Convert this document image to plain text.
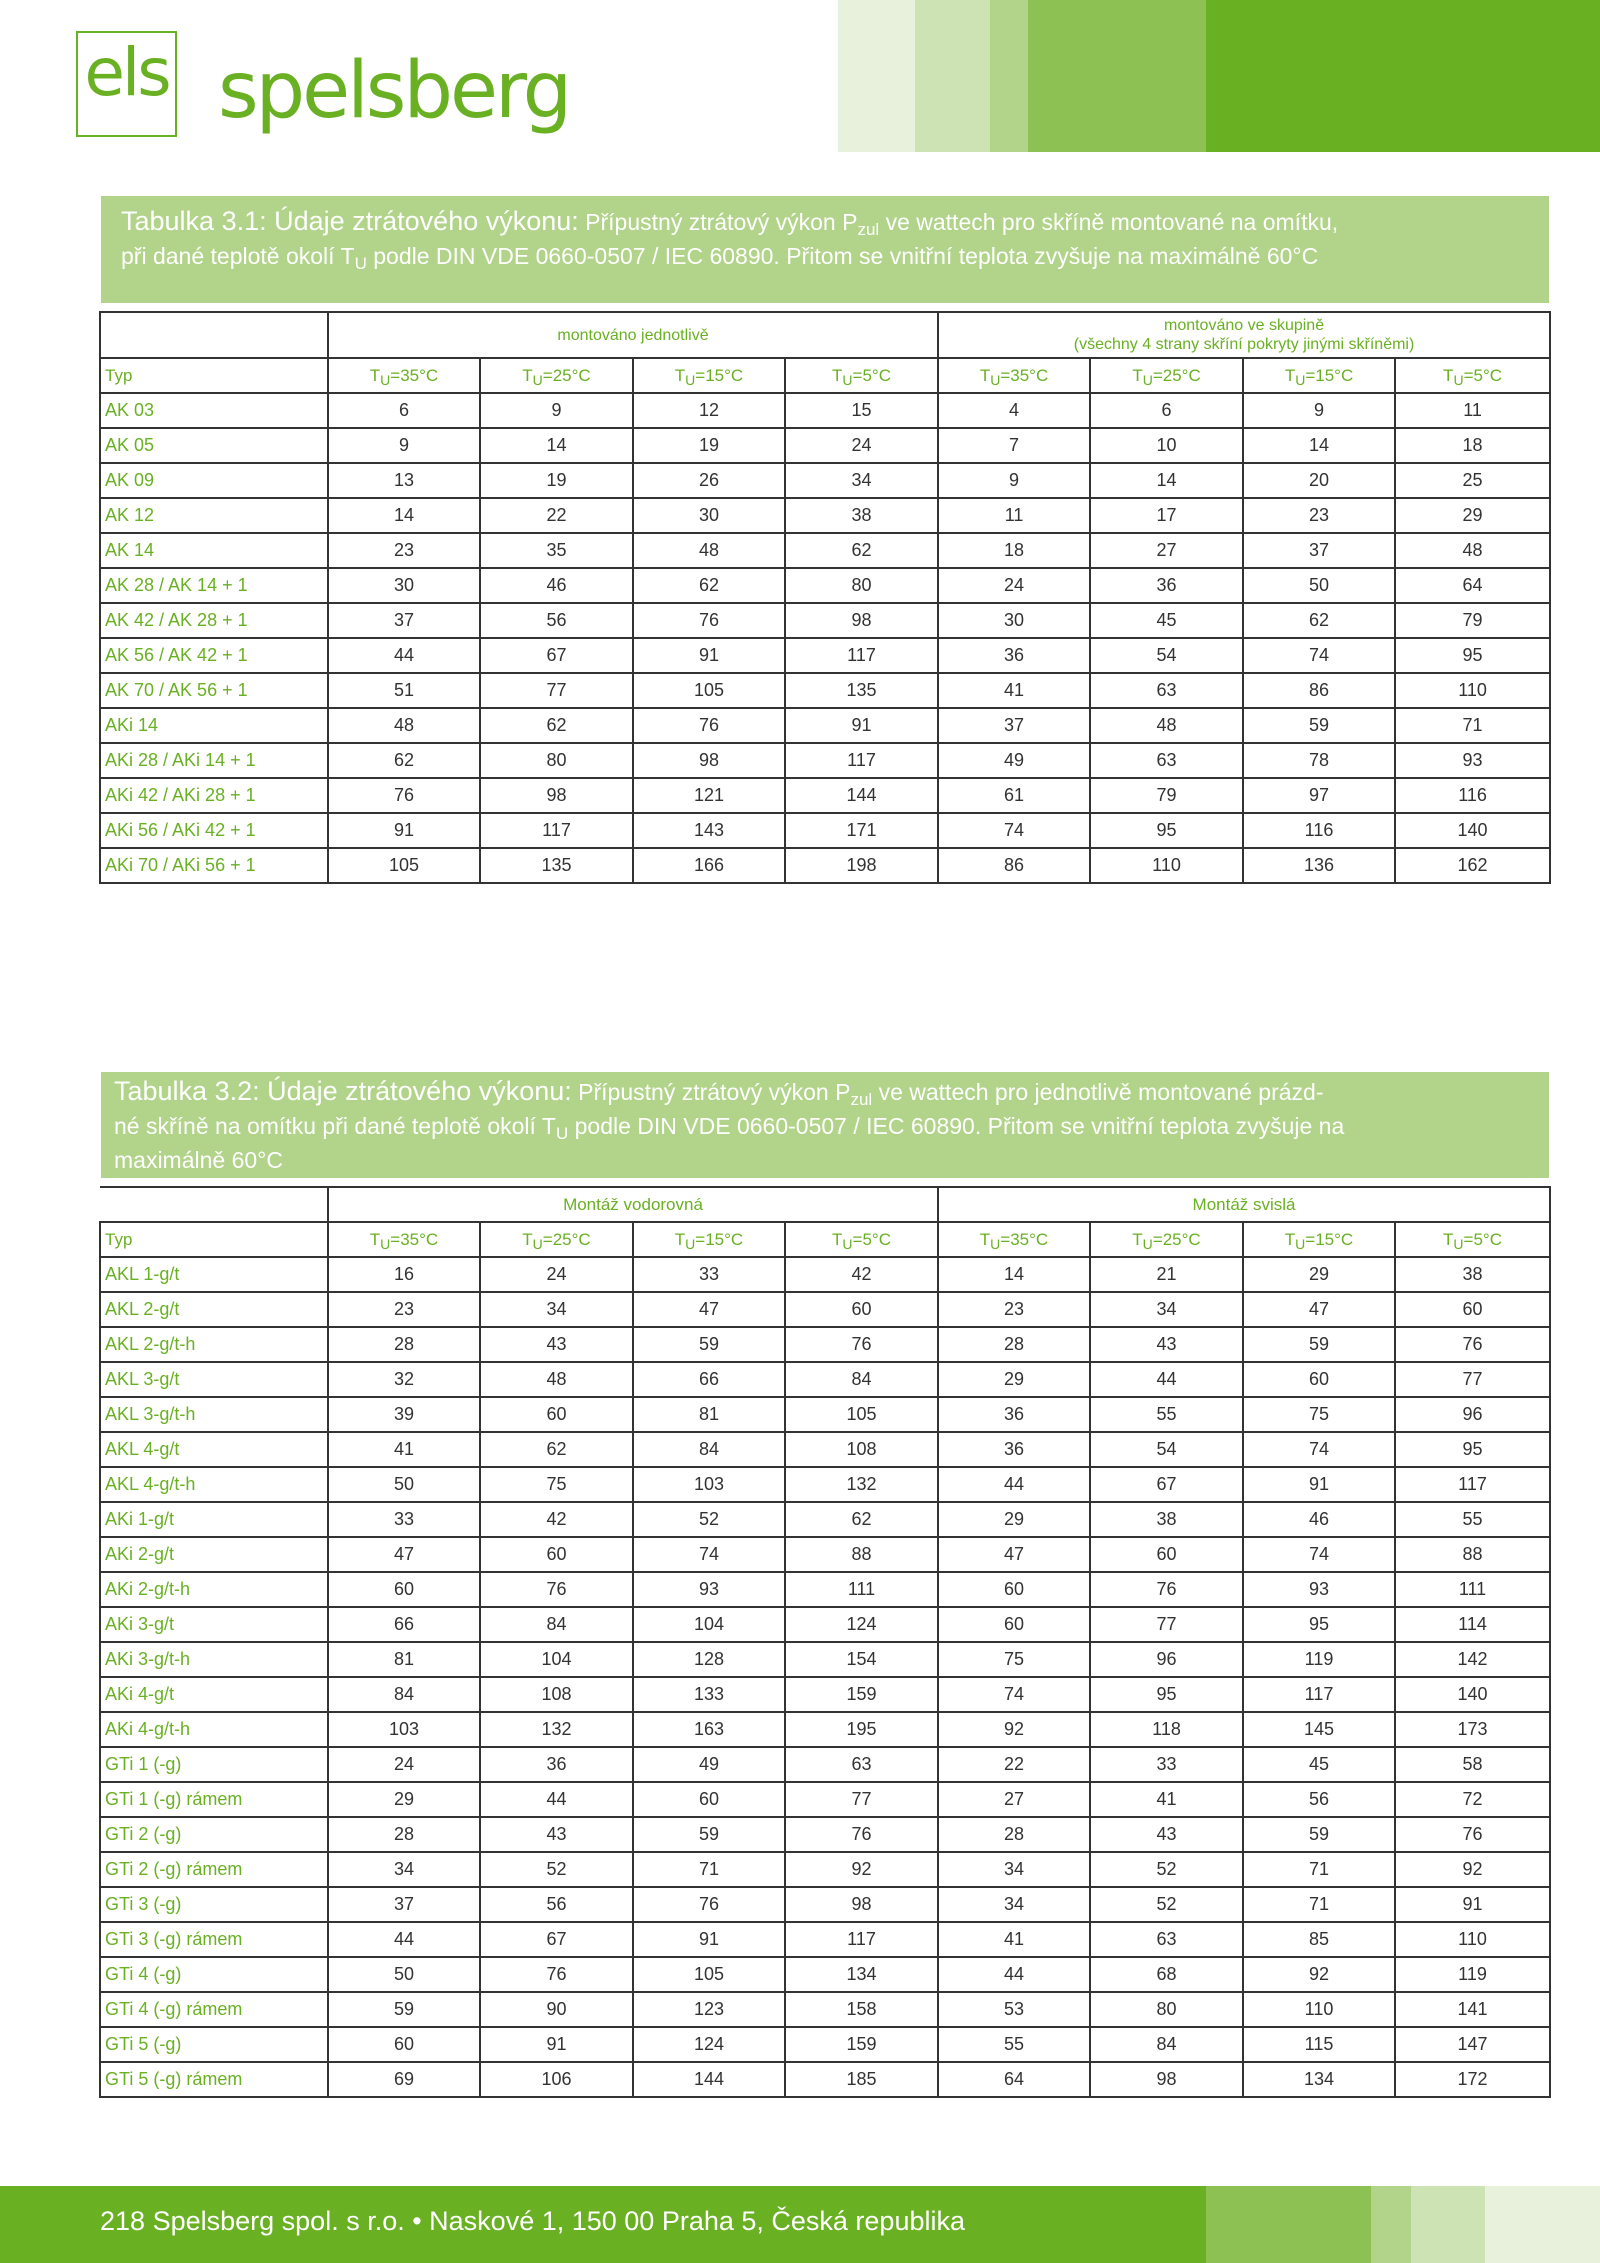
els spelsberg
Tabulka 3.1: Údaje ztrátového výkonu: Přípustný ztrátový výkon $P_{zul}$ ve wattech pro skříně montované na omítku,
při dané teplotě okolí $T_U$ podle DIN VDE 0660-0507 / IEC 60890. Přitom se vnitřní teplota zvyšuje na maximálně 60°C
	montováno jednotlivě				montováno ve skupině
(všechny 4 strany skříní pokryty jinými skříněmi)			

Typ	$T_U=35^\circ C$	$T_U=25^\circ C$	$T_U=15^\circ C$	$T_U=5^\circ C$	$T_U=35^\circ C$	$T_U=25^\circ C$	$T_U=15^\circ C$	$T_U=5^\circ C$
AK 03	6	9	12	15	4	6	9	11
AK 05	9	14	19	24	7	10	14	18
AK 09	13	19	26	34	9	14	20	25
AK 12	14	22	30	38	11	17	23	29
AK 14	23	35	48	62	18	27	37	48
AK 28 / AK 14 + 1	30	46	62	80	24	36	50	64
AK 42 / AK 28 + 1	37	56	76	98	30	45	62	79
AK 56 / AK 42 + 1	44	67	91	117	36	54	74	95
AK 70 / AK 56 + 1	51	77	105	135	41	63	86	110
AKi 14	48	62	76	91	37	48	59	71
AKi 28 / AKi 14 + 1	62	80	98	117	49	63	78	93
AKi 42 / AKi 28 + 1	76	98	121	144	61	79	97	116
AKi 56 / AKi 42 + 1	91	117	143	171	74	95	116	140
AKi 70 / AKi 56 + 1	105	135	166	198	86	110	136	162
Tabulka 3.2: Údaje ztrátového výkonu: Přípustný ztrátový výkon $P_{zul}$ ve wattech pro jednotlivě montované prázd-
né skříně na omítku při dané teplotě okolí $T_U$ podle DIN VDE 0660-0507 / IEC 60890. Přitom se vnitřní teplota zvyšuje na
maximálně 60°C
	Montáž vodorovná				Montáž svislá			
Typ	$T_U=35^\circ C$	$T_U=25^\circ C$	$T_U=15^\circ C$	$T_U=5^\circ C$	$T_U=35^\circ C$	$T_U=25^\circ C$	$T_U=15^\circ C$	$T_U=5^\circ C$
AKL 1-g/t	16	24	33	42	14	21	29	38
AKL 2-g/t	23	34	47	60	23	34	47	60
AKL 2-g/t-h	28	43	59	76	28	43	59	76
AKL 3-g/t	32	48	66	84	29	44	60	77
AKL 3-g/t-h	39	60	81	105	36	55	75	96
AKL 4-g/t	41	62	84	108	36	54	74	95
AKL 4-g/t-h	50	75	103	132	44	67	91	117
AKi 1-g/t	33	42	52	62	29	38	46	55
AKi 2-g/t	47	60	74	88	47	60	74	88
AKi 2-g/t-h	60	76	93	111	60	76	93	111
AKi 3-g/t	66	84	104	124	60	77	95	114
AKi 3-g/t-h	81	104	128	154	75	96	119	142
AKi 4-g/t	84	108	133	159	74	95	117	140
AKi 4-g/t-h	103	132	163	195	92	118	145	173
GTi 1 (-g)	24	36	49	63	22	33	45	58
GTi 1 (-g) rámem	29	44	60	77	27	41	56	72
GTi 2 (-g)	28	43	59	76	28	43	59	76
GTi 2 (-g) rámem	34	52	71	92	34	52	71	92
GTi 3 (-g)	37	56	76	98	34	52	71	91
GTi 3 (-g) rámem	44	67	91	117	41	63	85	110
GTi 4 (-g)	50	76	105	134	44	68	92	119
GTi 4 (-g) rámem	59	90	123	158	53	80	110	141
GTi 5 (-g)	60	91	124	159	55	84	115	147
GTi 5 (-g) rámem	69	106	144	185	64	98	134	172
218 Spelsberg spol. s r.o. • Naskové 1, 150 00 Praha 5, Česká republika
